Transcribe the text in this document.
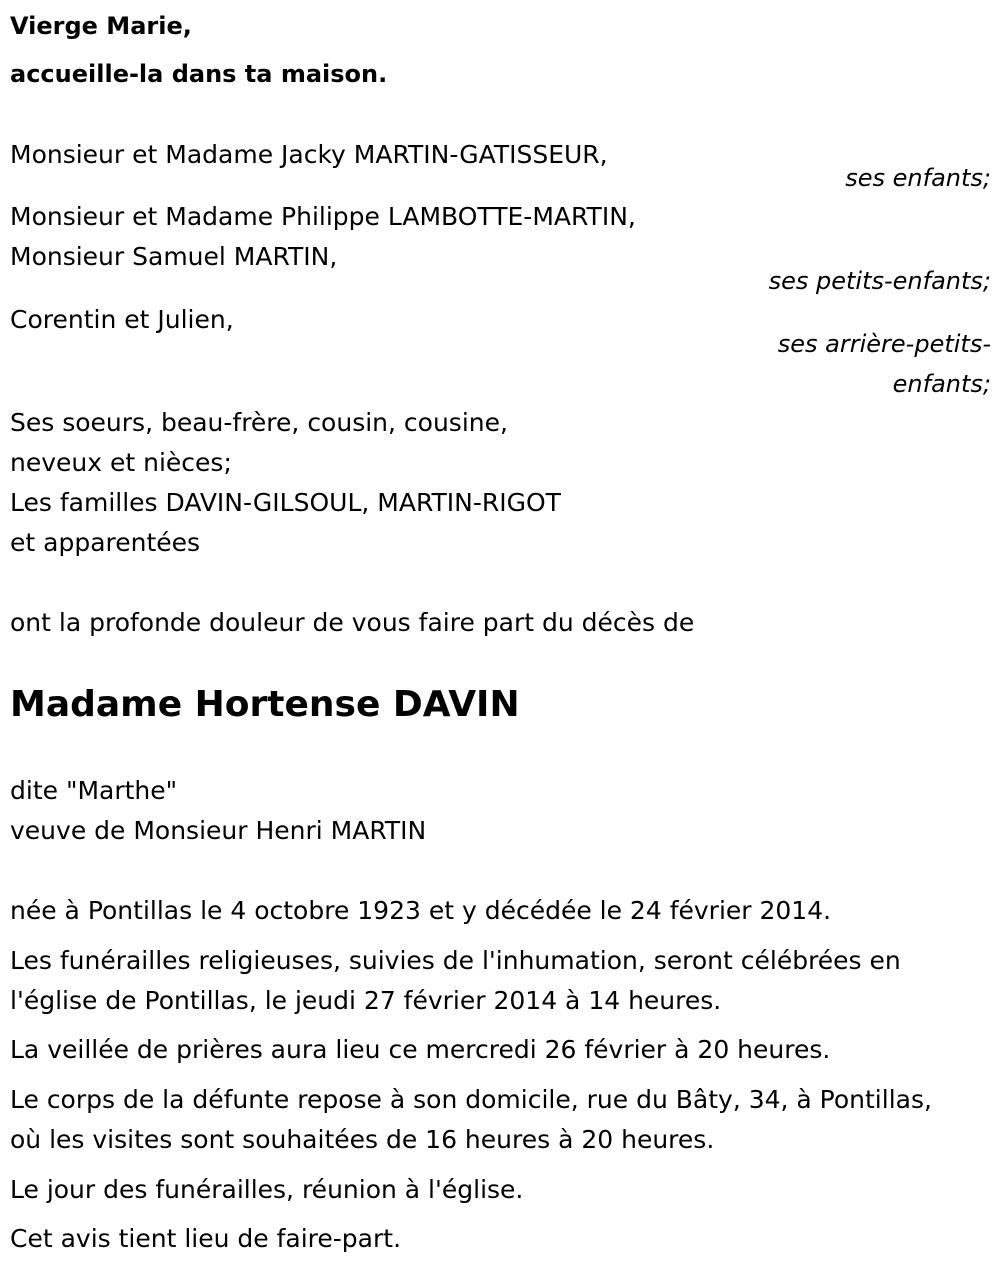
Vierge Marie,
accueille-la dans ta maison.
Monsieur et Madame Jacky MARTIN-GATISSEUR,
ses enfants;
Monsieur et Madame Philippe LAMBOTTE-MARTIN,
Monsieur Samuel MARTIN,
ses petits-enfants;
Corentin et Julien,
ses arrière-petits-
enfants;
Ses soeurs, beau-frère, cousin, cousine,
neveux et nièces;
Les familles DAVIN-GILSOUL, MARTIN-RIGOT
et apparentées
ont la profonde douleur de vous faire part du décès de
Madame Hortense DAVIN
dite "Marthe"
veuve de Monsieur Henri MARTIN
née à Pontillas le 4 octobre 1923 et y décédée le 24 février 2014.
Les funérailles religieuses, suivies de l'inhumation, seront célébrées en
l'église de Pontillas, le jeudi 27 février 2014 à 14 heures.
La veillée de prières aura lieu ce mercredi 26 février à 20 heures.
Le corps de la défunte repose à son domicile, rue du Bâty, 34, à Pontillas,
où les visites sont souhaitées de 16 heures à 20 heures.
Le jour des funérailles, réunion à l'église.
Cet avis tient lieu de faire-part.
